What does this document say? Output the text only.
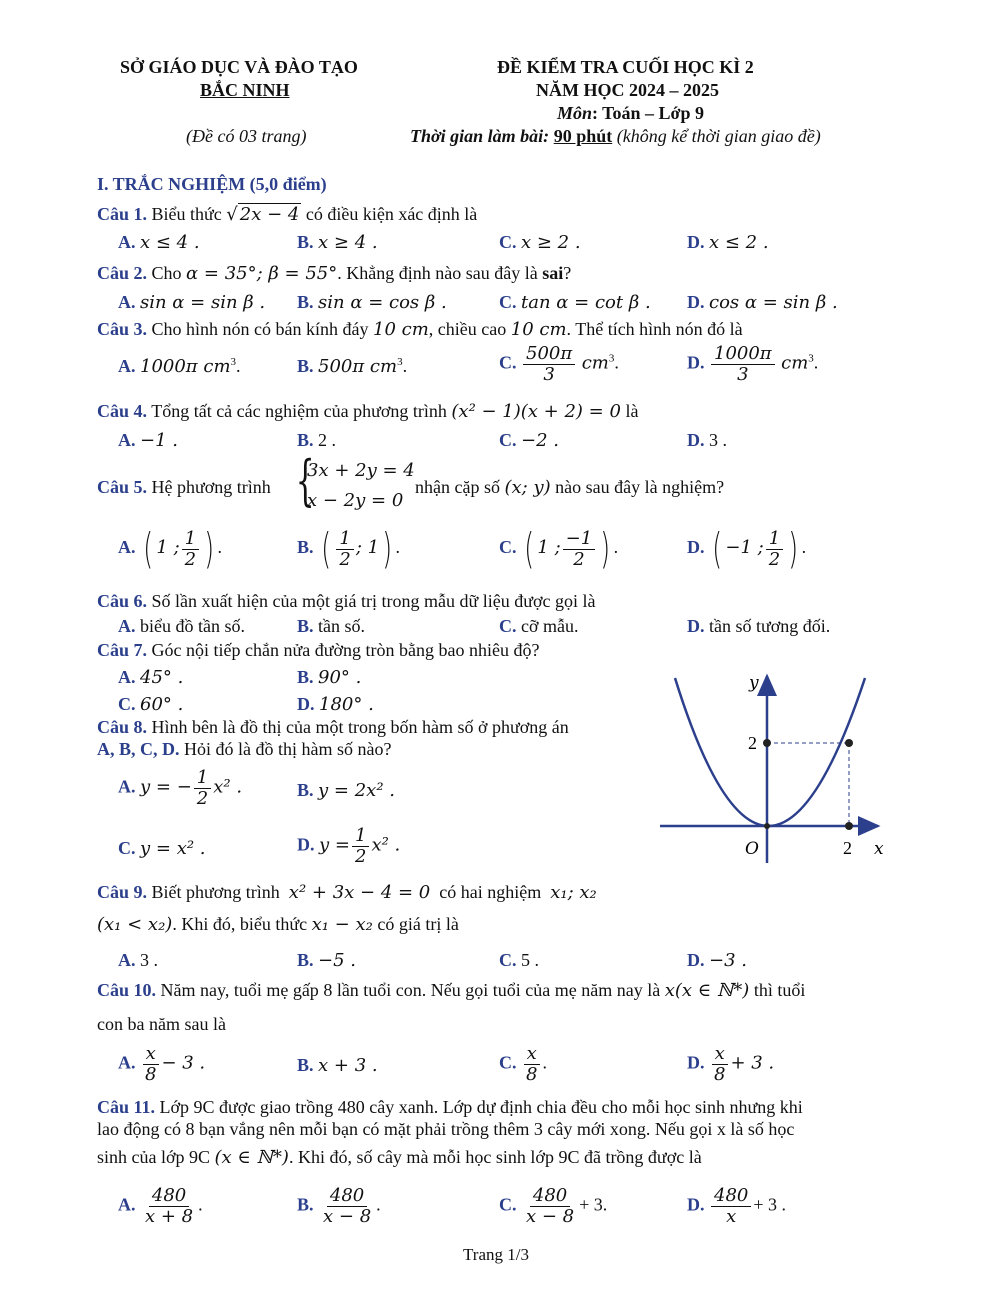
SỞ GIÁO DỤC VÀ ĐÀO TẠO
BẮC NINH
ĐỀ KIỂM TRA CUỐI HỌC KÌ 2
NĂM HỌC 2024 – 2025
Môn: Toán – Lớp 9
(Đề có 03 trang)	Thời gian làm bài: 90 phút (không kể thời gian giao đề)
I. TRẮC NGHIỆM (5,0 điểm)
Câu 1. Biểu thức √ 2x − 4 có điều kiện xác định là
A. x ≤ 4 .	B. x ≥ 4 .	C. x ≥ 2 .	D. x ≤ 2 .
Câu 2. Cho α = 35°; β = 55°. Khẳng định nào sau đây là sai?
A. sin α = sin β . B. sin α = cos β .	C. tan α = cot β . D. cos α = sin β .
Câu 3. Cho hình nón có bán kính đáy 10 cm, chiều cao 10 cm. Thể tích hình nón đó là
A. 1000π $cm^3$.	B. 500π $cm^3$.	C. $\frac{500\pi}{3} cm^3$.	D. $\frac{1000\pi}{3} cm^3$.
Câu 4. Tổng tất cả các nghiệm của phương trình (x² − 1)(x + 2) = 0 là
A. −1 .	B. 2 .	C. −2 .	D. 3 .
Câu 5. Hệ phương trình {
3x + 2y = 4
x − 2y = 0
nhận cặp số (x; y) nào sau đây là nghiệm?
A. ( 1 ; $\frac{1}{2}$ ) .	B. ( $\frac{1}{2}$ ; 1) .	C. ( 1 ; $\frac{-1}{2}$ ) .	D. ( −1 ; $\frac{1}{2}$ ) .
Câu 6. Số lần xuất hiện của một giá trị trong mẫu dữ liệu được gọi là
A. biểu đồ tần số.	B. tần số.	C. cỡ mẫu.	D. tần số tương đối.
Câu 7. Góc nội tiếp chắn nửa đường tròn bằng bao nhiêu độ?
A. 45° .	B. 90° .
C. 60° .	D. 180° .
Câu 8. Hình bên là đồ thị của một trong bốn hàm số ở phương án
A, B, C, D. Hỏi đó là đồ thị hàm số nào?
A. y = − $\frac{1}{2} x^2$ .	B. y = 2x² .
C. y = x² .	D. $y = \frac{1}{2} x^2$ .
y
x
O
2
2
Câu 9. Biết phương trình x² + 3x − 4 = 0 có hai nghiệm x₁; x₂
(x₁ < x₂). Khi đó, biểu thức x₁ − x₂ có giá trị là
A. 3 .	B. −5 .	C. 5 .	D. −3 .
Câu 10. Năm nay, tuổi mẹ gấp 8 lần tuổi con. Nếu gọi tuổi của mẹ năm nay là x(x ∈ ℕ*) thì tuổi
con ba năm sau là
A. $\frac{x}{8} - 3$ .	B. x + 3 .	C. $\frac{x}{8}$ .	D. $\frac{x}{8} + 3$ .
Câu 11. Lớp 9C được giao trồng 480 cây xanh. Lớp dự định chia đều cho mỗi học sinh nhưng khi
lao động có 8 bạn vắng nên mỗi bạn có mặt phải trồng thêm 3 cây mới xong. Nếu gọi x là số học
sinh của lớp 9C (x ∈ ℕ*). Khi đó, số cây mà mỗi học sinh lớp 9C đã trồng được là
A. $\frac{480}{x + 8}$ .	B. $\frac{480}{x - 8}$ .	C. $\frac{480}{x - 8} + 3$.	D. $\frac{480}{x} + 3$ .
Trang 1/3
